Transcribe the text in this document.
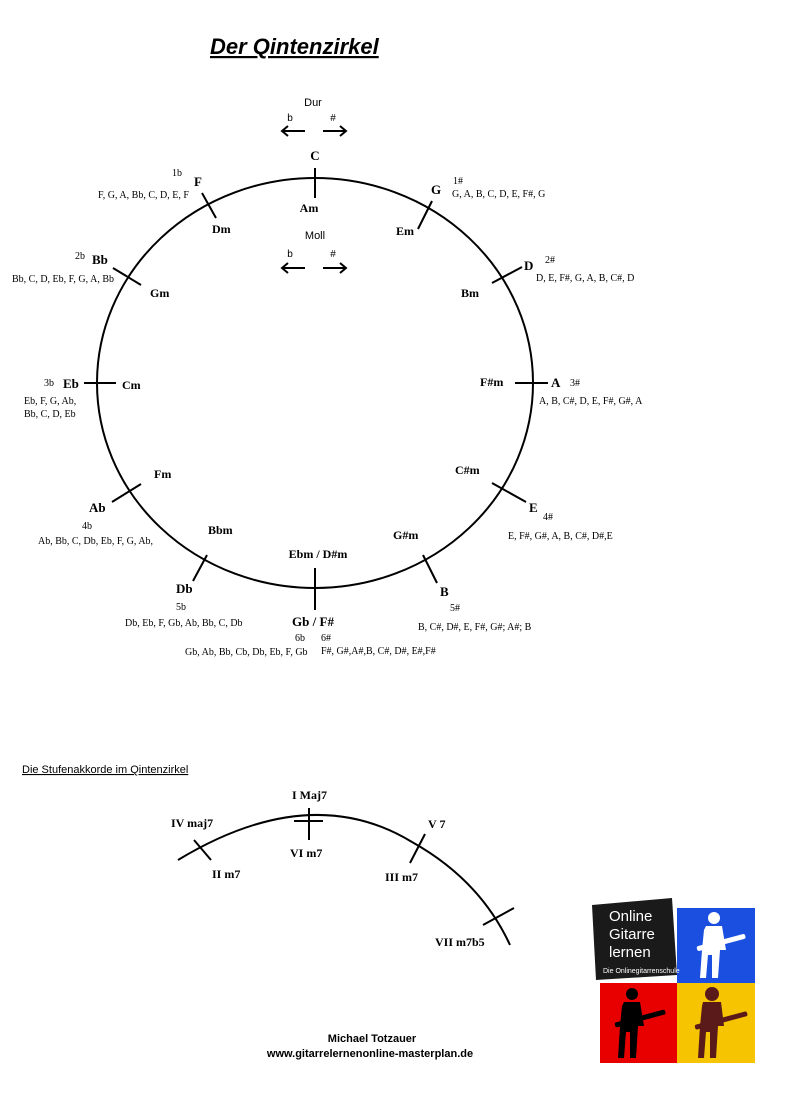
Der Qintenzirkel
Dur
b	#
Moll
b	#
C
Am
G
Em
1#
G, A, B, C, D, E, F#, G
D
Bm
2#
D, E, F#, G, A, B, C#, D
A
F#m	3#
A, B, C#, D, E, F#, G#, A
E
C#m
4#
E, F#, G#, A, B, C#, D#,E
B
G#m
5#
B, C#, D#, E, F#, G#; A#; B
Gb / F#
Ebm / D#m
6b 6#
Gb, Ab, Bb, Cb, Db, Eb, F, Gb F#, G#,A#,B, C#, D#, E#,F#
Db
Bbm
5b
Db, Eb, F, Gb, Ab, Bb, C, Db
Ab
Fm
4b
Ab, Bb, C, Db, Eb, F, G, Ab,
Eb	Cm
3b
Eb, F, G, Ab,
Bb, C, D, Eb
Bb
Gm
2b
Bb, C, D, Eb, F, G, A, Bb
F
Dm
1b
F, G, A, Bb, C, D, E, F
Die Stufenakkorde im Qintenzirkel
I Maj7
VI m7
IV maj7
II m7
V 7
III m7
VII m7b5
Michael Totzauer
www.gitarrelernenonline-masterplan.de
Online
Gitarre
lernen
Die Onlinegitarrenschule
